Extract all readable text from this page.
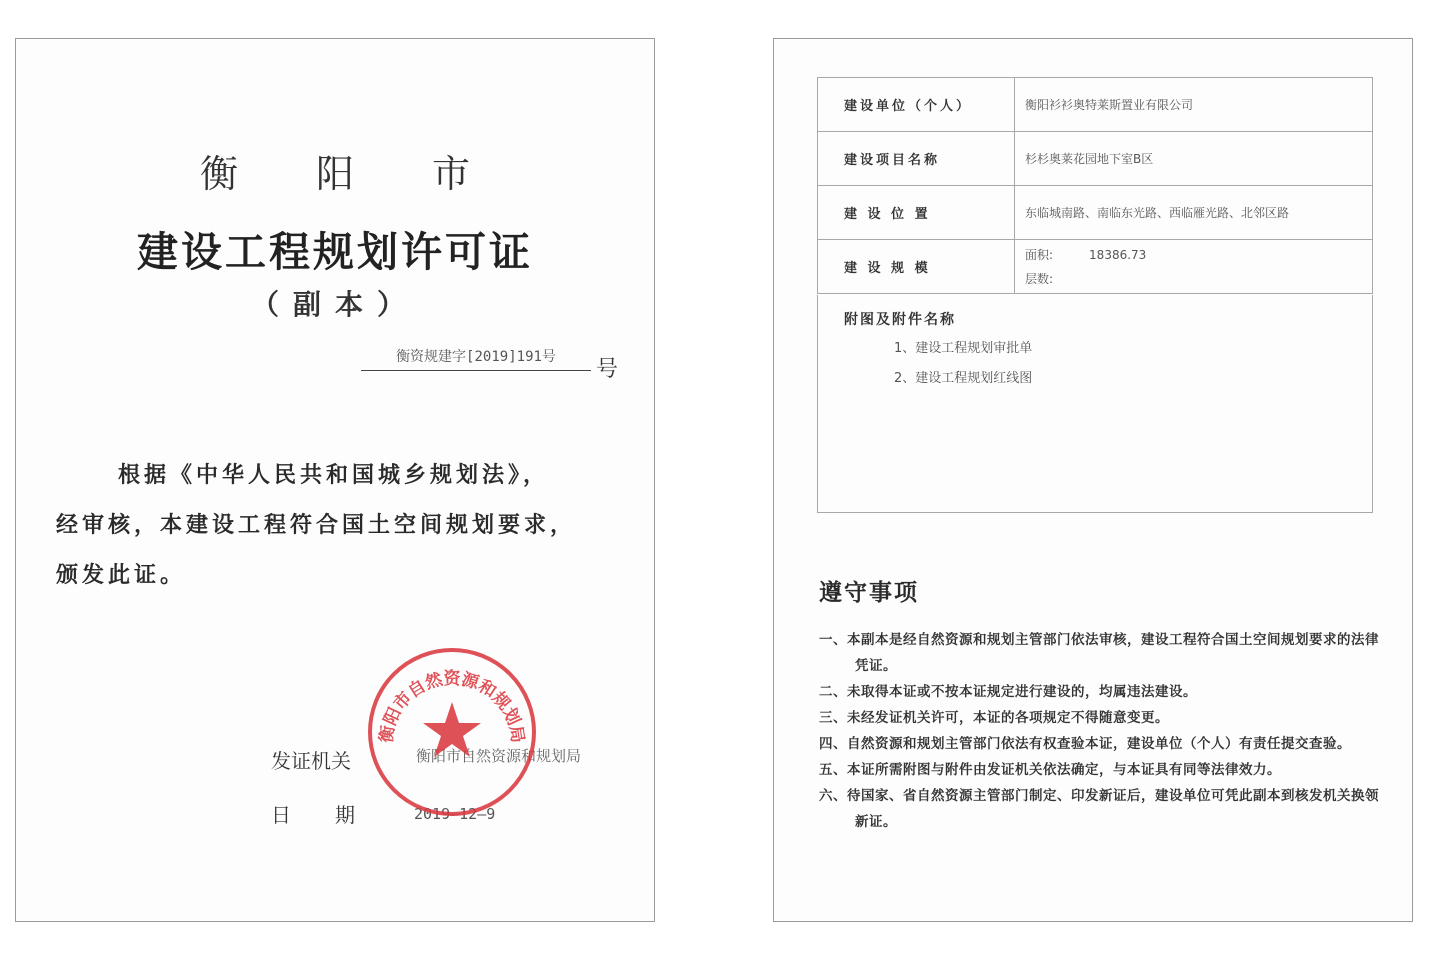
衡阳市
建设工程规划许可证
（副本）
衡资规建字[2019]191号	号

根据《中华人民共和国城乡规划法》，

经审核，本建设工程符合国土空间规划要求，

颁发此证。

发证机关	衡阳市自然资源和规划局
日期 2019—12—9
衡阳市自然资源和规划局
建设单位（个人）	衡阳衫衫奥特莱斯置业有限公司
建设项目名称	杉杉奥莱花园地下室B区
建 设 位 置	东临城南路、南临东光路、西临雁光路、北邻区路
建 设 规 模	面积: 18386.73
层数:
附图及附件名称
1、建设工程规划审批单
2、建设工程规划红线图
遵守事项

一、本副本是经自然资源和规划主管部门依法审核，建设工程符合国土空间规划要求的法律凭证。

二、未取得本证或不按本证规定进行建设的，均属违法建设。

三、未经发证机关许可，本证的各项规定不得随意变更。

四、自然资源和规划主管部门依法有权查验本证，建设单位（个人）有责任提交查验。

五、本证所需附图与附件由发证机关依法确定，与本证具有同等法律效力。

六、待国家、省自然资源主管部门制定、印发新证后，建设单位可凭此副本到核发机关换领新证。
